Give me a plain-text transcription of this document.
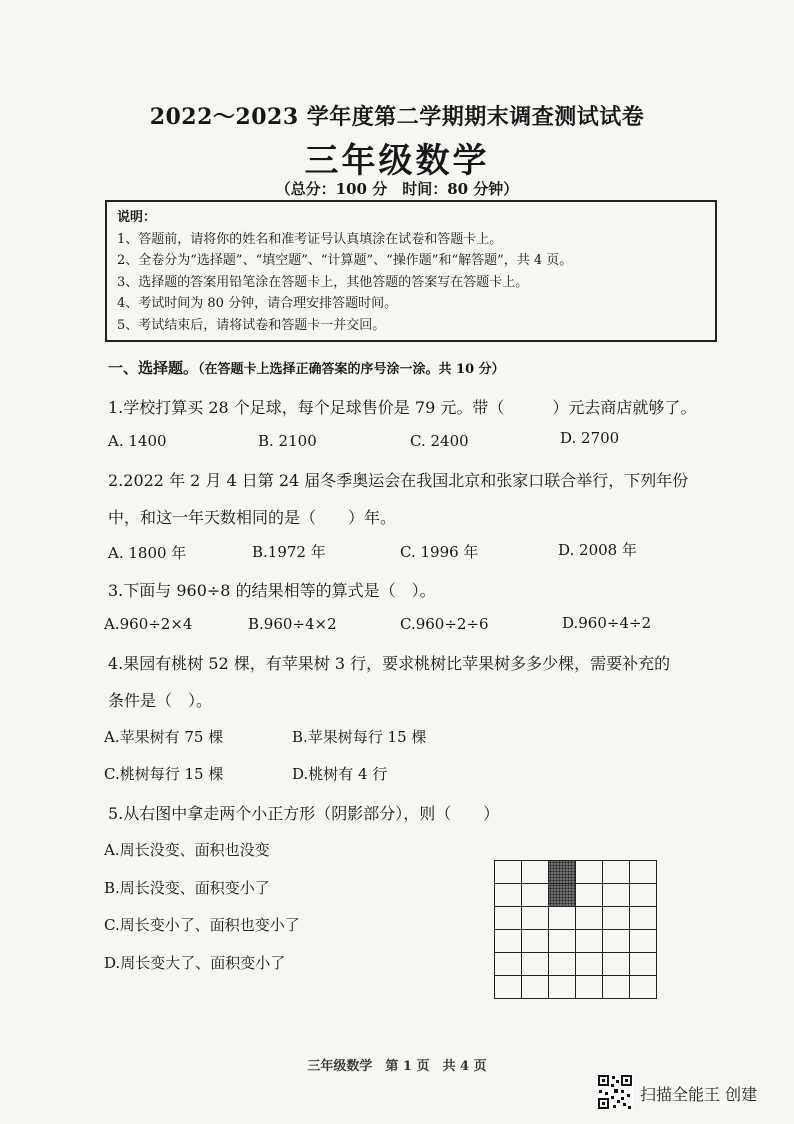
2022～2023 学年度第二学期期末调查测试试卷
三年级数学
（总分：100 分　时间：80 分钟）
说明：
1、答题前，请将你的姓名和准考证号认真填涂在试卷和答题卡上。
2、全卷分为“选择题”、“填空题”、“计算题”、“操作题”和“解答题”，共 4 页。
3、选择题的答案用铅笔涂在答题卡上，其他答题的答案写在答题卡上。
4、考试时间为 80 分钟，请合理安排答题时间。
5、考试结束后，请将试卷和答题卡一并交回。
一、选择题。（在答题卡上选择正确答案的序号涂一涂。共 10 分）
1.学校打算买 28 个足球，每个足球售价是 79 元。带（　　　）元去商店就够了。
A. 1400	B. 2100	C. 2400	D. 2700
2.2022 年 2 月 4 日第 24 届冬季奥运会在我国北京和张家口联合举行，下列年份
中，和这一年天数相同的是（　　）年。
A. 1800 年	B.1972 年	C. 1996 年	D. 2008 年
3.下面与 960÷8 的结果相等的算式是（　）。
A.960÷2×4	B.960÷4×2	C.960÷2÷6	D.960÷4÷2
4.果园有桃树 52 棵，有苹果树 3 行，要求桃树比苹果树多多少棵，需要补充的
条件是（　）。
A.苹果树有 75 棵	B.苹果树每行 15 棵
C.桃树每行 15 棵	D.桃树有 4 行
5.从右图中拿走两个小正方形（阴影部分），则（　　）
A.周长没变、面积也没变
B.周长没变、面积变小了
C.周长变小了、面积也变小了
D.周长变大了、面积变小了
三年级数学　第 1 页　共 4 页
扫描全能王 创建
